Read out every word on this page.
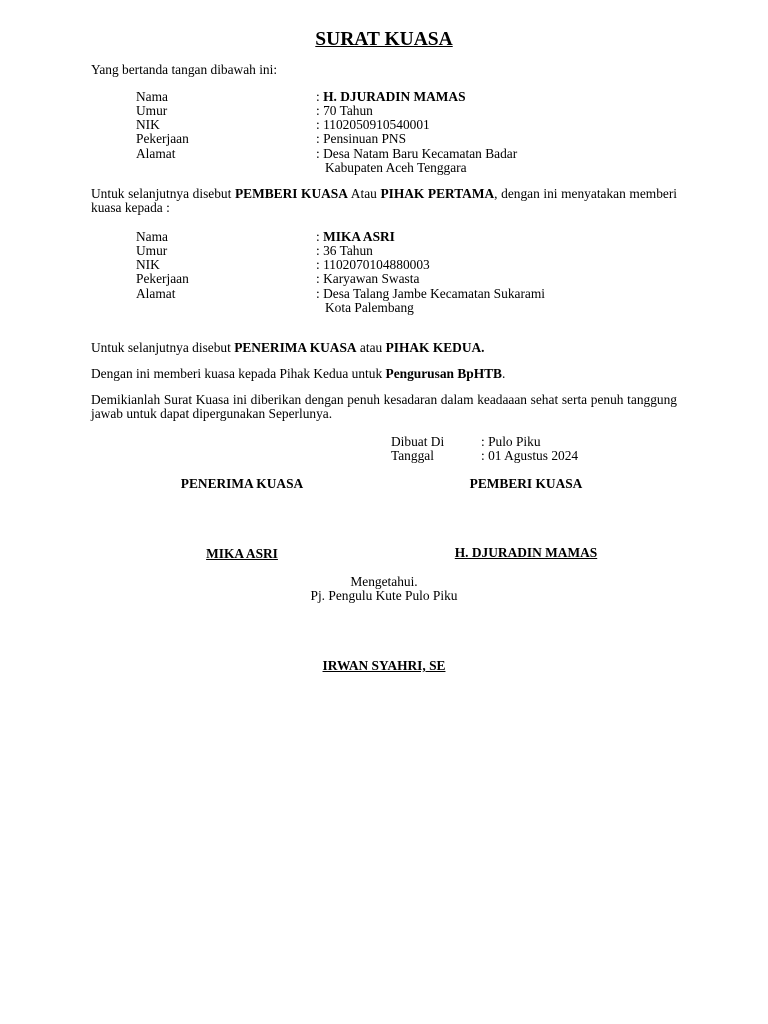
SURAT KUASA
Yang bertanda tangan dibawah ini:
Nama	: H. DJURADIN MAMAS
Umur	: 70 Tahun
NIK	: 1102050910540001
Pekerjaan	: Pensinuan PNS
Alamat	: Desa Natam Baru Kecamatan Badar
Kabupaten Aceh Tenggara
Untuk selanjutnya disebut PEMBERI KUASA Atau PIHAK PERTAMA, dengan ini menyatakan memberi kuasa kepada :
Nama	: MIKA ASRI
Umur	: 36 Tahun
NIK	: 1102070104880003
Pekerjaan	: Karyawan Swasta
Alamat	: Desa Talang Jambe Kecamatan Sukarami
Kota Palembang
Untuk selanjutnya disebut PENERIMA KUASA atau PIHAK KEDUA.
Dengan ini memberi kuasa kepada Pihak Kedua untuk Pengurusan BpHTB.
Demikianlah Surat Kuasa ini diberikan dengan penuh kesadaran dalam keadaaan sehat serta penuh tanggung jawab untuk dapat dipergunakan Seperlunya.
Dibuat Di	: Pulo Piku
Tanggal	: 01 Agustus 2024
PENERIMA KUASA	PEMBERI KUASA
MIKA ASRI	H. DJURADIN MAMAS
Mengetahui.
Pj. Pengulu Kute Pulo Piku
IRWAN SYAHRI, SE
